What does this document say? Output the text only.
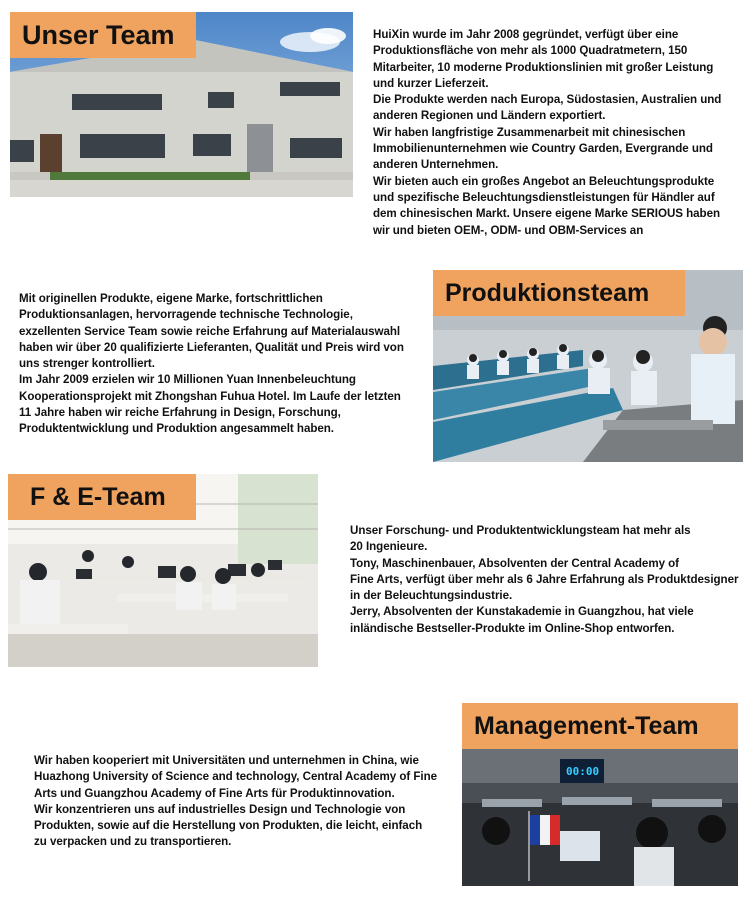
Unser Team	HuiXin wurde im Jahr 2008 gegründet, verfügt über eine

Produktionsfläche von mehr als 1000 Quadratmetern, 150

Mitarbeiter, 10 moderne Produktionslinien mit großer Leistung

und kurzer Lieferzeit.

Die Produkte werden nach Europa, Südostasien, Australien und

anderen Regionen und Ländern exportiert.

Wir haben langfristige Zusammenarbeit mit chinesischen

Immobilienunternehmen wie Country Garden, Evergrande und

anderen Unternehmen.

Wir bieten auch ein großes Angebot an Beleuchtungsprodukte

und spezifische Beleuchtungsdienstleistungen für Händler auf

dem chinesischen Markt. Unsere eigene Marke SERIOUS haben

wir und bieten OEM-, ODM- und OBM-Services an

Mit originellen Produkte, eigene Marke, fortschrittlichen

Produktionsanlagen, hervorragende technische Technologie,

exzellenten Service Team sowie reiche Erfahrung auf Materialauswahl

haben wir über 20 qualifizierte Lieferanten, Qualität und Preis wird von

uns strenger kontrolliert.

Im Jahr 2009 erzielen wir 10 Millionen Yuan Innenbeleuchtung

Kooperationsprojekt mit Zhongshan Fuhua Hotel. Im Laufe der letzten

11 Jahre haben wir reiche Erfahrung in Design, Forschung,

Produktentwicklung und Produktion angesammelt haben.

Produktionsteam
F & E-Team

Unser Forschung- und Produktentwicklungsteam hat mehr als

20 Ingenieure.

Tony, Maschinenbauer, Absolventen der Central Academy of

Fine Arts, verfügt über mehr als 6 Jahre Erfahrung als Produktdesigner

in der Beleuchtungsindustrie.

Jerry, Absolventen der Kunstakademie in Guangzhou, hat viele

inländische Bestseller-Produkte im Online-Shop entworfen.

Wir haben kooperiert mit Universitäten und unternehmen in China, wie

Huazhong University of Science and technology, Central Academy of Fine

Arts und Guangzhou Academy of Fine Arts für Produktinnovation.

Wir konzentrieren uns auf industrielles Design und Technologie von

Produkten, sowie auf die Herstellung von Produkten, die leicht, einfach

zu verpacken und zu transportieren.

00:00
Management-Team
